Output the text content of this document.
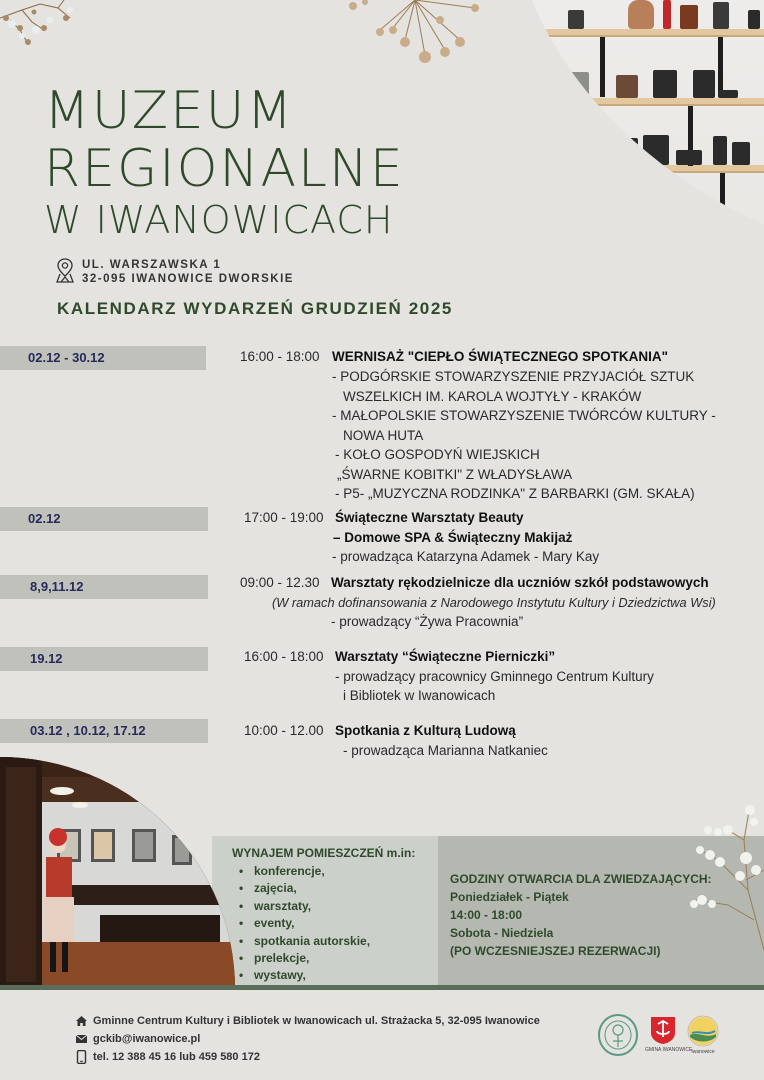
MUZEUM
REGIONALNE
W IWANOWICACH
UL. WARSZAWSKA 1
32-095 IWANOWICE DWORSKIE
KALENDARZ WYDARZEŃ GRUDZIEŃ 2025
02.12 - 30.12	16:00 - 18:00 WERNISAŻ "CIEPŁO ŚWIĄTECZNEGO SPOTKANIA"
- PODGÓRSKIE STOWARZYSZENIE PRZYJACIÓŁ SZTUK
WSZELKICH IM. KAROLA WOJTYŁY - KRAKÓW
- MAŁOPOLSKIE STOWARZYSZENIE TWÓRCÓW KULTURY -
NOWA HUTA
- KOŁO GOSPODYŃ WIEJSKICH
„ŚWARNE KOBITKI" Z WŁADYSŁAWA
- P5- „MUZYCZNA RODZINKA" Z BARBARKI (GM. SKAŁA)
02.12	17:00 - 19:00 Świąteczne Warsztaty Beauty
– Domowe SPA & Świąteczny Makijaż
- prowadząca Katarzyna Adamek - Mary Kay
8,9,11.12	09:00 - 12.30 Warsztaty rękodzielnicze dla uczniów szkół podstawowych
(W ramach dofinansowania z Narodowego Instytutu Kultury i Dziedzictwa Wsi)
- prowadzący “Żywa Pracownia”
19.12	16:00 - 18:00 Warsztaty “Świąteczne Pierniczki”
- prowadzący pracownicy Gminnego Centrum Kultury
i Bibliotek w Iwanowicach
03.12 , 10.12, 17.12	10:00 - 12.00 Spotkania z Kulturą Ludową
- prowadząca Marianna Natkaniec
WYNAJEM POMIESZCZEŃ m.in:
• konferencje,
• zajęcia,
• warsztaty,
• eventy,
• spotkania autorskie,
• prelekcje,
• wystawy,
GODZINY OTWARCIA DLA ZWIEDZAJĄCYCH:
Poniedziałek - Piątek
14:00 - 18:00
Sobota - Niedziela
(PO WCZESNIEJSZEJ REZERWACJI)
Gminne Centrum Kultury i Bibliotek w Iwanowicach ul. Strażacka 5, 32-095 Iwanowice
gckib@iwanowice.pl
tel. 12 388 45 16 lub 459 580 172
GMINA IWANOWICE
Iwanowice
